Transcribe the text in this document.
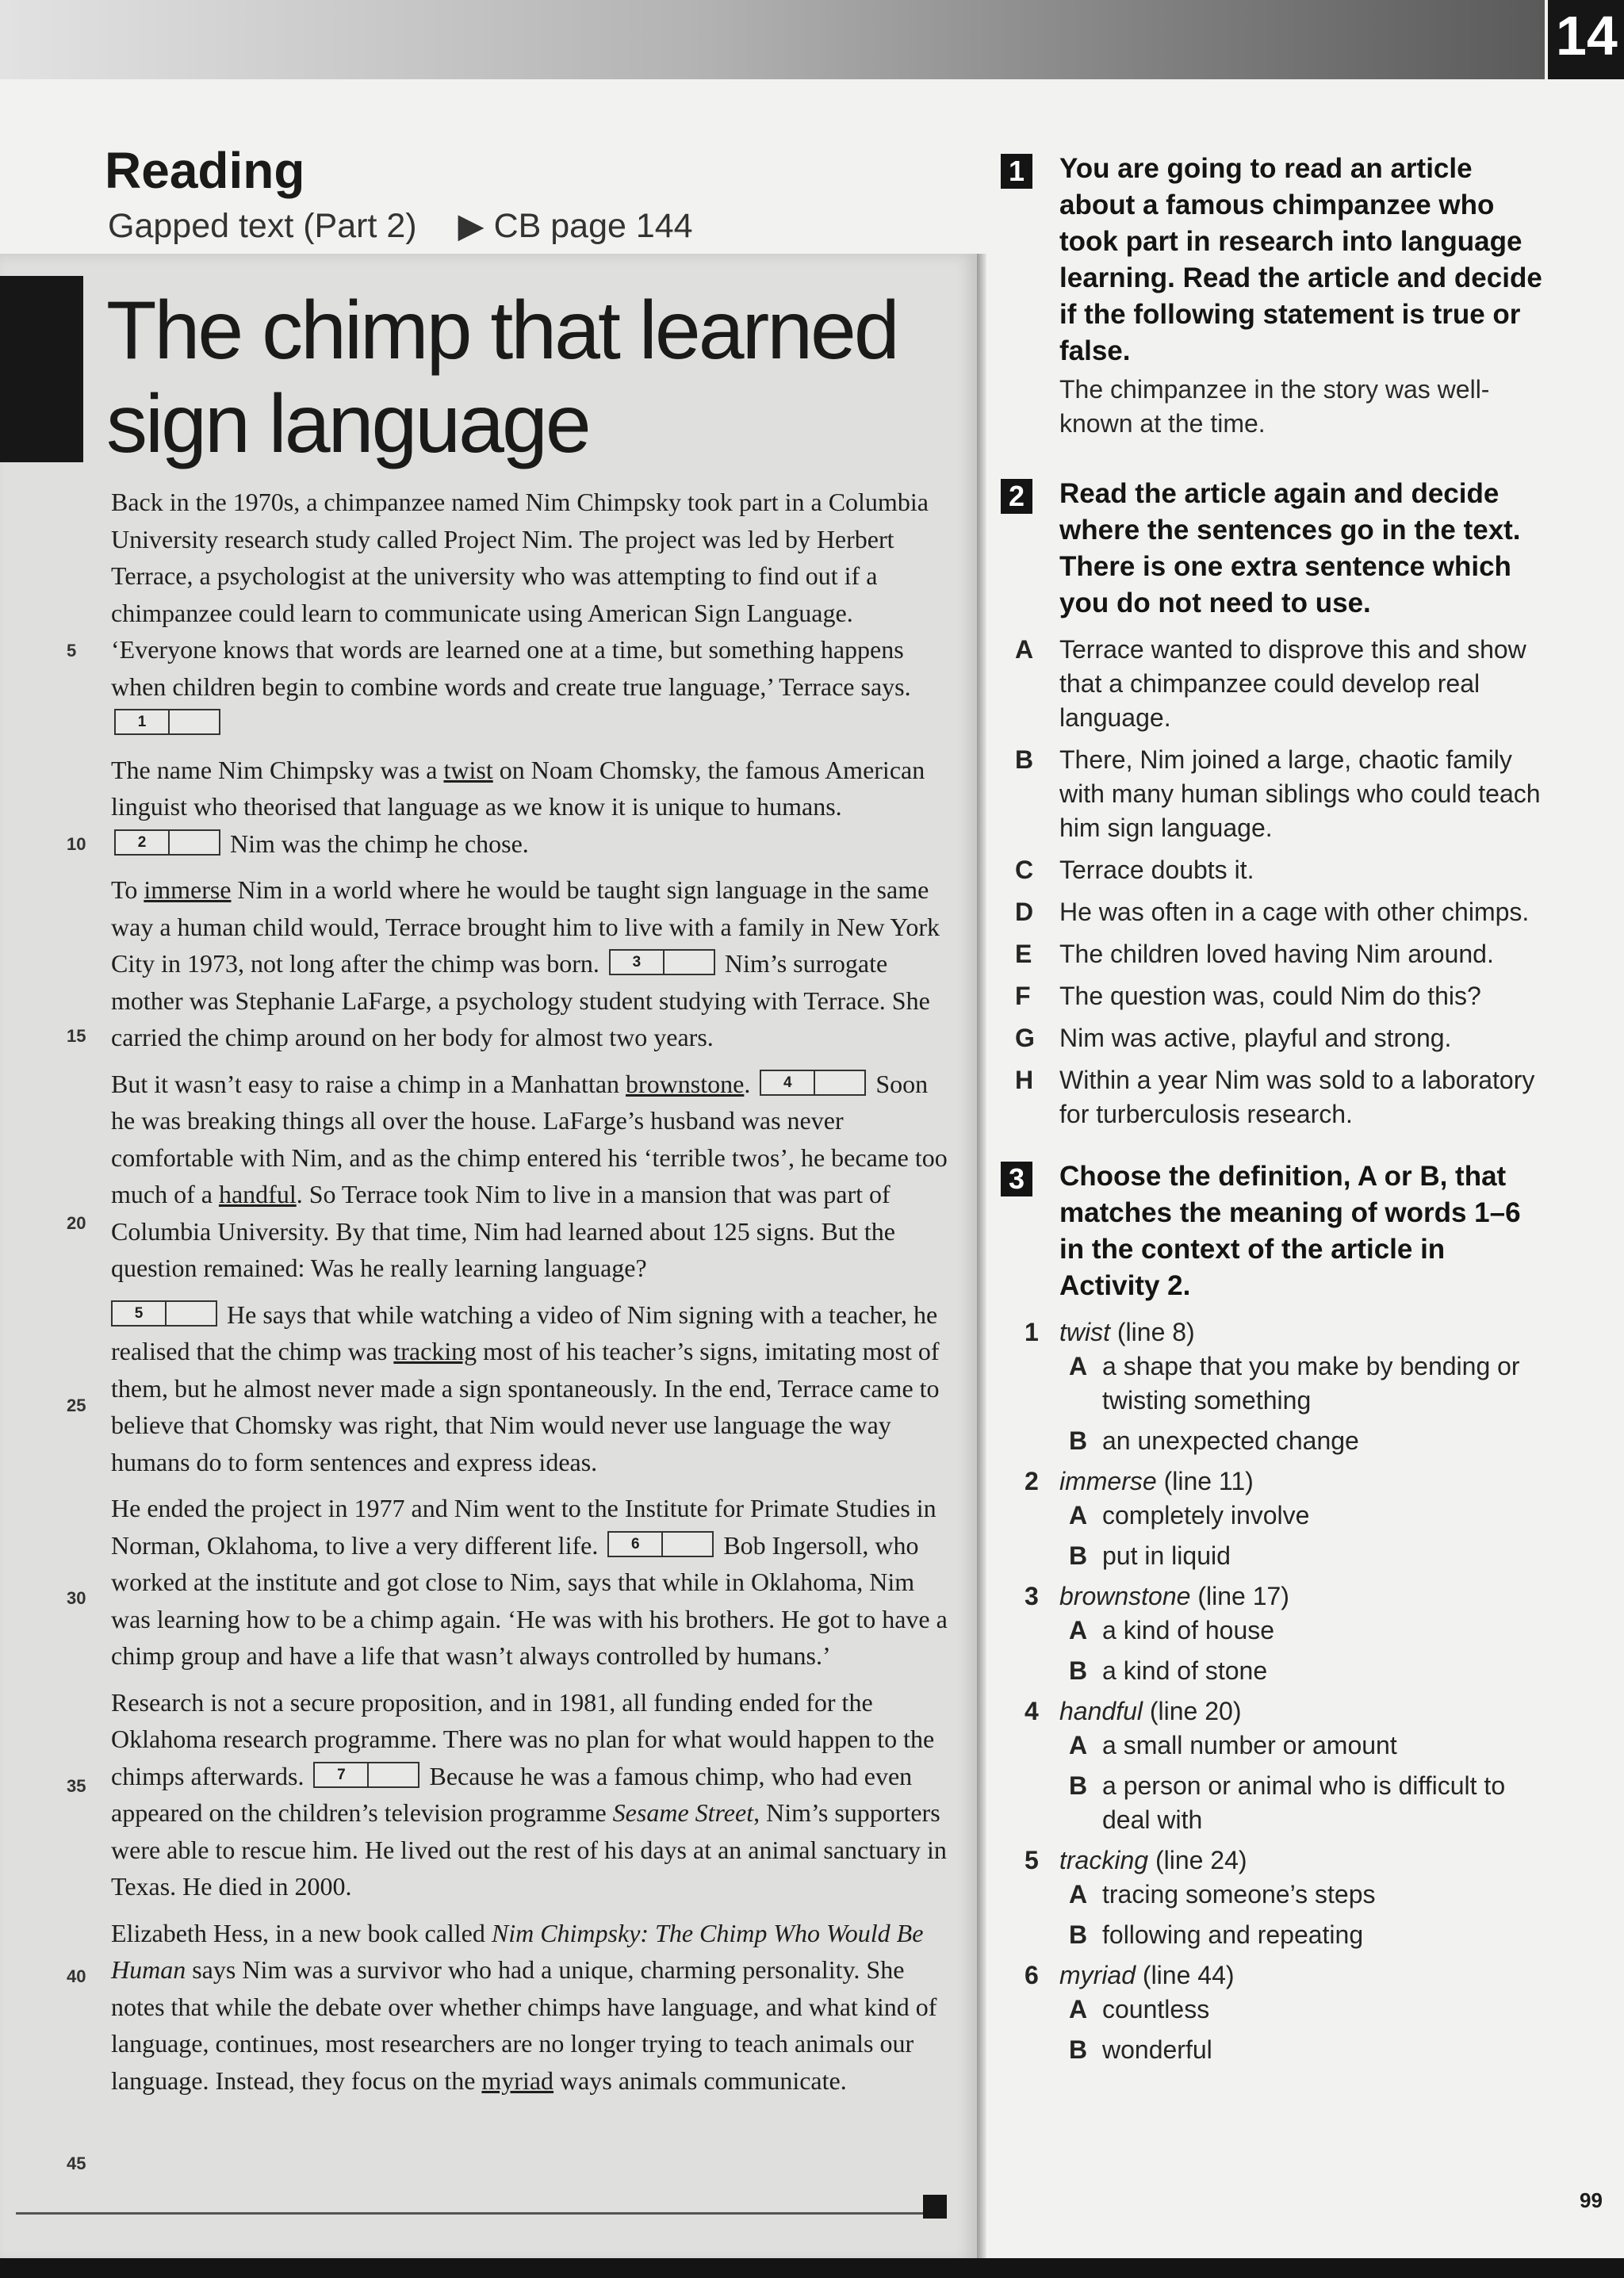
14
Reading
Gapped text (Part 2) ▶ CB page 144
The chimp that learned
sign language
5
10
15
20
25
30
35
40
45

Back in the 1970s, a chimpanzee named Nim Chimpsky took part in a Columbia University research study called Project Nim. The project was led by Herbert Terrace, a psychologist at the university who was attempting to find out if a chimpanzee could learn to communicate using American Sign Language. ‘Everyone knows that words are learned one at a time, but something happens when children begin to combine words and create true language,’ Terrace says.
1

The name Nim Chimpsky was a twist on Noam Chomsky, the famous American linguist who theorised that language as we know it is unique to humans.
2	Nim was the chimp he chose.

To immerse Nim in a world where he would be taught sign language in the same way a human child would, Terrace brought him to live with a family in New York City in 1973, not long after the chimp was born.	3	Nim’s surrogate mother was Stephanie LaFarge, a psychology student studying with Terrace. She carried the chimp around on her body for almost two years.

But it wasn’t easy to raise a chimp in a Manhattan brownstone.	4	Soon he was breaking things all over the house. LaFarge’s husband was never comfortable with Nim, and as the chimp entered his ‘terrible twos’, he became too much of a handful. So Terrace took Nim to live in a mansion that was part of Columbia University. By that time, Nim had learned about 125 signs. But the question remained: Was he really learning language?

5	He says that while watching a video of Nim signing with a teacher, he realised that the chimp was tracking most of his teacher’s signs, imitating most of them, but he almost never made a sign spontaneously. In the end, Terrace came to believe that Chomsky was right, that Nim would never use language the way humans do to form sentences and express ideas.

He ended the project in 1977 and Nim went to the Institute for Primate Studies in Norman, Oklahoma, to live a very different life.	6	Bob Ingersoll, who worked at the institute and got close to Nim, says that while in Oklahoma, Nim was learning how to be a chimp again. ‘He was with his brothers. He got to have a chimp group and have a life that wasn’t always controlled by humans.’

Research is not a secure proposition, and in 1981, all funding ended for the Oklahoma research programme. There was no plan for what would happen to the chimps afterwards.	7	Because he was a famous chimp, who had even appeared on the children’s television programme Sesame Street, Nim’s supporters were able to rescue him. He lived out the rest of his days at an animal sanctuary in Texas. He died in 2000.

Elizabeth Hess, in a new book called Nim Chimpsky: The Chimp Who Would Be Human says Nim was a survivor who had a unique, charming personality. She notes that while the debate over whether chimps have language, and what kind of language, continues, most researchers are no longer trying to teach animals our language. Instead, they focus on the myriad ways animals communicate.

1 You are going to read an article about a famous chimpanzee who took part in research into language learning. Read the article and decide if the following statement is true or false.
The chimpanzee in the story was well-known at the time.
2 Read the article again and decide where the sentences go in the text. There is one extra sentence which you do not need to use.
A Terrace wanted to disprove this and show that a chimpanzee could develop real language.
B There, Nim joined a large, chaotic family with many human siblings who could teach him sign language.
C Terrace doubts it.
D He was often in a cage with other chimps.
E The children loved having Nim around.
F The question was, could Nim do this?
G Nim was active, playful and strong.
H Within a year Nim was sold to a laboratory for turberculosis research.
3 Choose the definition, A or B, that matches the meaning of words 1–6 in the context of the article in Activity 2.
1 twist (line 8)
A a shape that you make by bending or twisting something
B an unexpected change
2 immerse (line 11)
A completely involve
B put in liquid
3 brownstone (line 17)
A a kind of house
B a kind of stone
4 handful (line 20)
A a small number or amount
B a person or animal who is difficult to deal with
5 tracking (line 24)
A tracing someone’s steps
B following and repeating
6 myriad (line 44)
A countless
B wonderful
99
